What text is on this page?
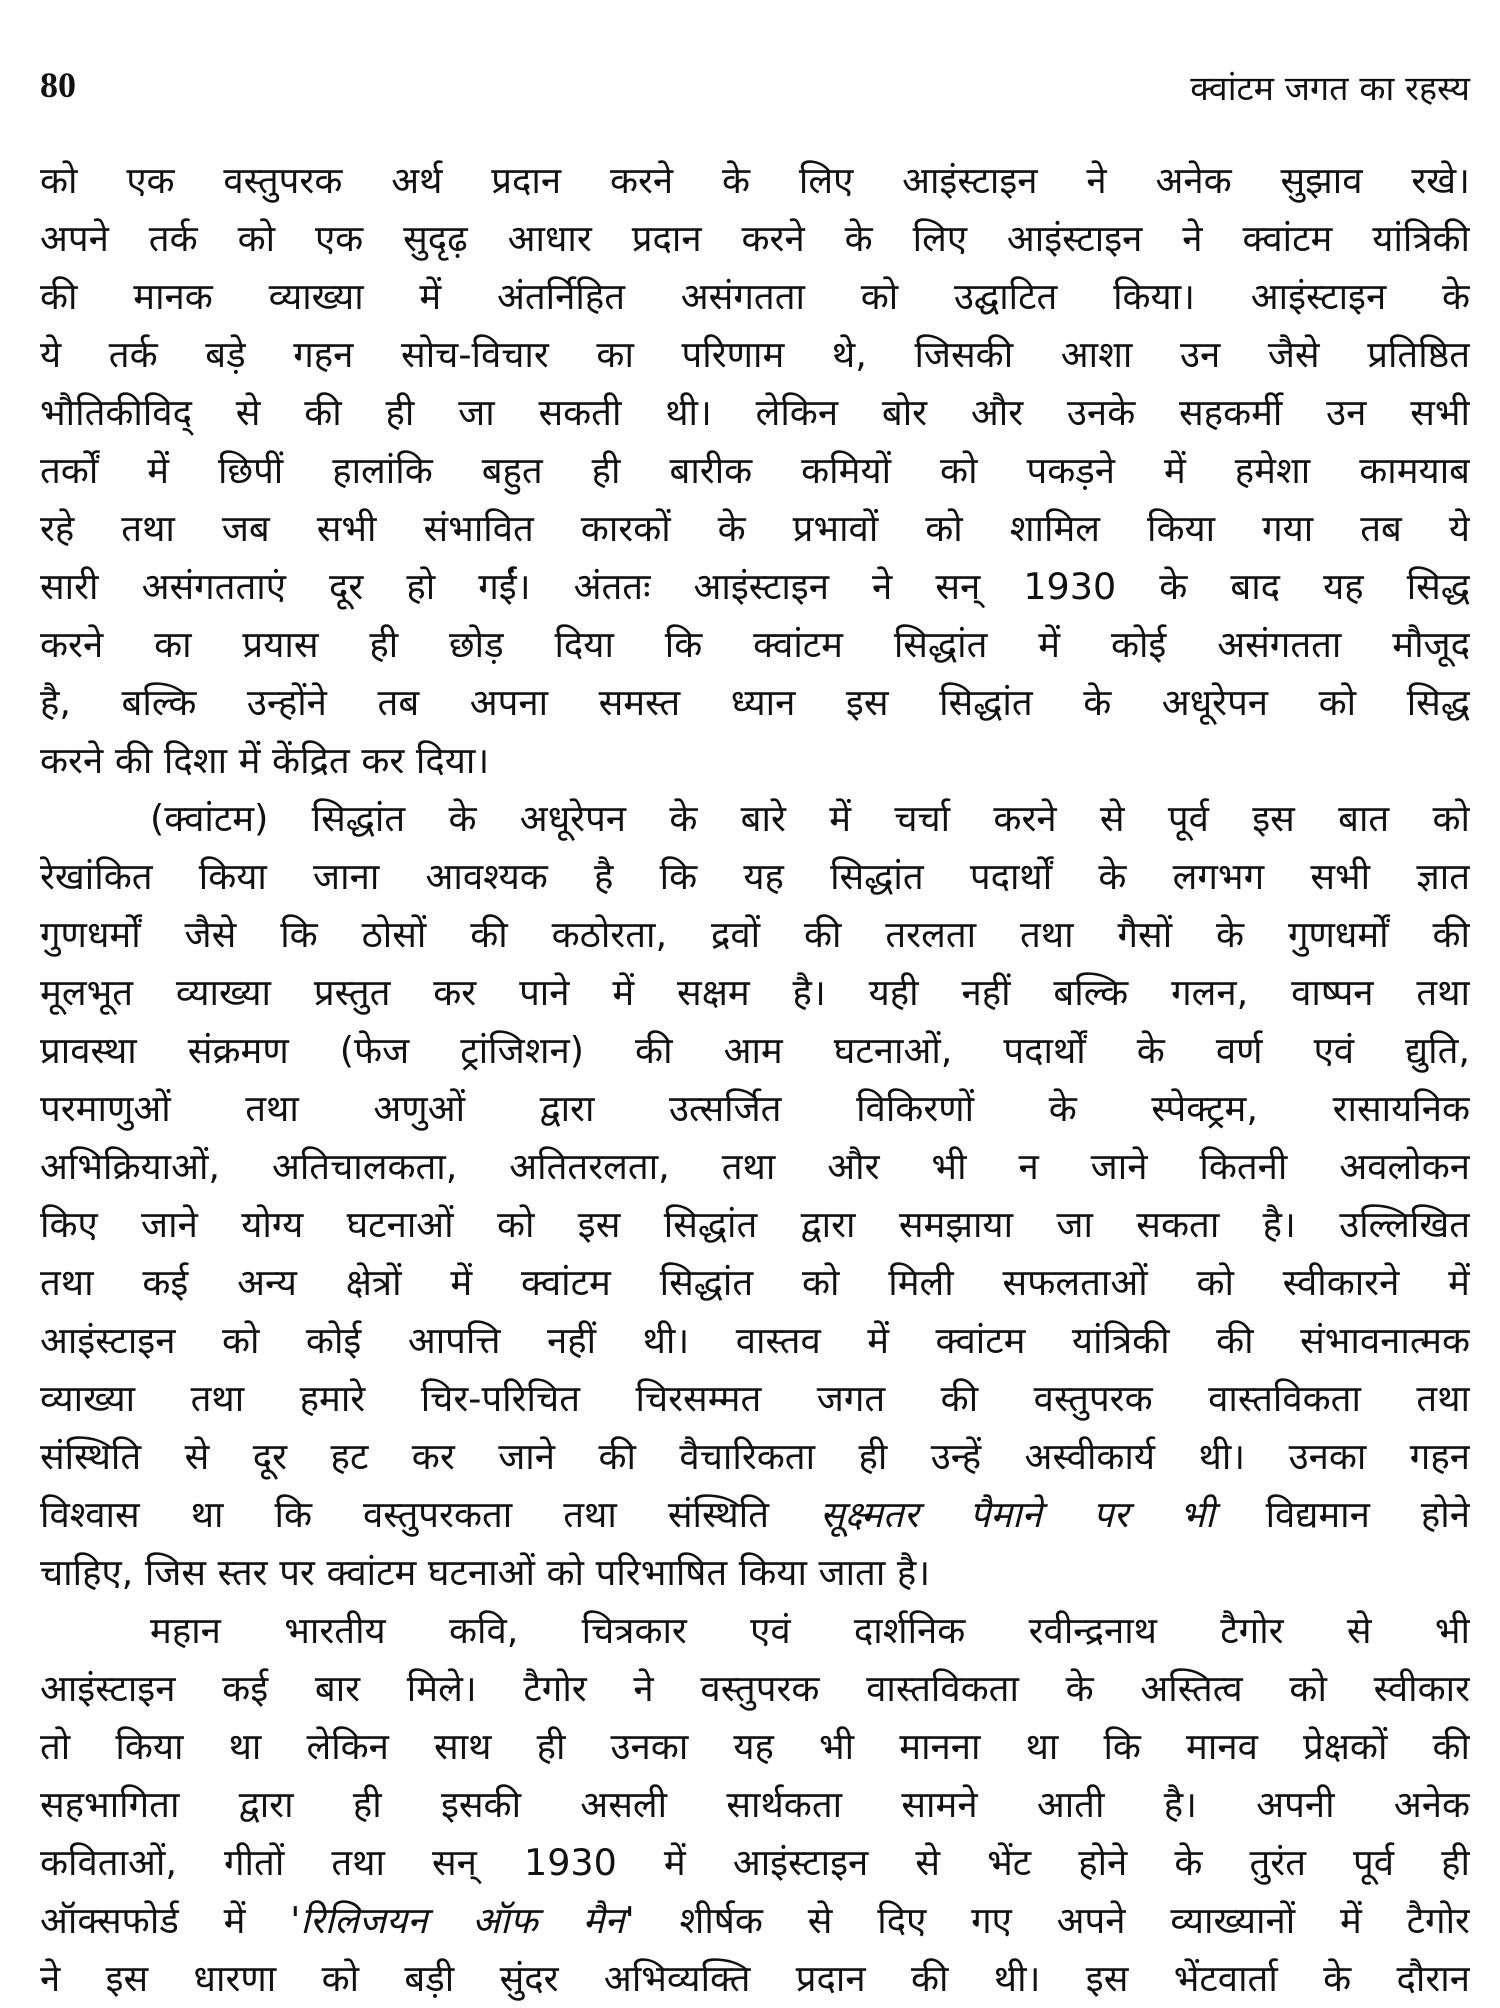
80	क्वांटम जगत का रहस्य
को एक वस्तुपरक अर्थ प्रदान करने के लिए आइंस्टाइन ने अनेक सुझाव रखे।
अपने तर्क को एक सुदृढ़ आधार प्रदान करने के लिए आइंस्टाइन ने क्वांटम यांत्रिकी
की मानक व्याख्या में अंतर्निहित असंगतता को उद्घाटित किया। आइंस्टाइन के
ये तर्क बड़े गहन सोच-विचार का परिणाम थे, जिसकी आशा उन जैसे प्रतिष्ठित
भौतिकीविद् से की ही जा सकती थी। लेकिन बोर और उनके सहकर्मी उन सभी
तर्कों में छिपीं हालांकि बहुत ही बारीक कमियों को पकड़ने में हमेशा कामयाब
रहे तथा जब सभी संभावित कारकों के प्रभावों को शामिल किया गया तब ये
सारी असंगतताएं दूर हो गईं। अंततः आइंस्टाइन ने सन् 1930 के बाद यह सिद्ध
करने का प्रयास ही छोड़ दिया कि क्वांटम सिद्धांत में कोई असंगतता मौजूद
है, बल्कि उन्होंने तब अपना समस्त ध्यान इस सिद्धांत के अधूरेपन को सिद्ध
करने की दिशा में केंद्रित कर दिया।
(क्वांटम) सिद्धांत के अधूरेपन के बारे में चर्चा करने से पूर्व इस बात को
रेखांकित किया जाना आवश्यक है कि यह सिद्धांत पदार्थों के लगभग सभी ज्ञात
गुणधर्मों जैसे कि ठोसों की कठोरता, द्रवों की तरलता तथा गैसों के गुणधर्मों की
मूलभूत व्याख्या प्रस्तुत कर पाने में सक्षम है। यही नहीं बल्कि गलन, वाष्पन तथा
प्रावस्था संक्रमण (फेज ट्रांजिशन) की आम घटनाओं, पदार्थों के वर्ण एवं द्युति,
परमाणुओं तथा अणुओं द्वारा उत्सर्जित विकिरणों के स्पेक्ट्रम, रासायनिक
अभिक्रियाओं, अतिचालकता, अतितरलता, तथा और भी न जाने कितनी अवलोकन
किए जाने योग्य घटनाओं को इस सिद्धांत द्वारा समझाया जा सकता है। उल्लिखित
तथा कई अन्य क्षेत्रों में क्वांटम सिद्धांत को मिली सफलताओं को स्वीकारने में
आइंस्टाइन को कोई आपत्ति नहीं थी। वास्तव में क्वांटम यांत्रिकी की संभावनात्मक
व्याख्या तथा हमारे चिर-परिचित चिरसम्मत जगत की वस्तुपरक वास्तविकता तथा
संस्थिति से दूर हट कर जाने की वैचारिकता ही उन्हें अस्वीकार्य थी। उनका गहन
विश्वास था कि वस्तुपरकता तथा संस्थिति सूक्ष्मतर पैमाने पर भी विद्यमान होने
चाहिए, जिस स्तर पर क्वांटम घटनाओं को परिभाषित किया जाता है।
महान भारतीय कवि, चित्रकार एवं दार्शनिक रवीन्द्रनाथ टैगोर से भी
आइंस्टाइन कई बार मिले। टैगोर ने वस्तुपरक वास्तविकता के अस्तित्व को स्वीकार
तो किया था लेकिन साथ ही उनका यह भी मानना था कि मानव प्रेक्षकों की
सहभागिता द्वारा ही इसकी असली सार्थकता सामने आती है। अपनी अनेक
कविताओं, गीतों तथा सन् 1930 में आइंस्टाइन से भेंट होने के तुरंत पूर्व ही
ऑक्सफोर्ड में 'रिलिजयन ऑफ मैन' शीर्षक से दिए गए अपने व्याख्यानों में टैगोर
ने इस धारणा को बड़ी सुंदर अभिव्यक्ति प्रदान की थी। इस भेंटवार्ता के दौरान
